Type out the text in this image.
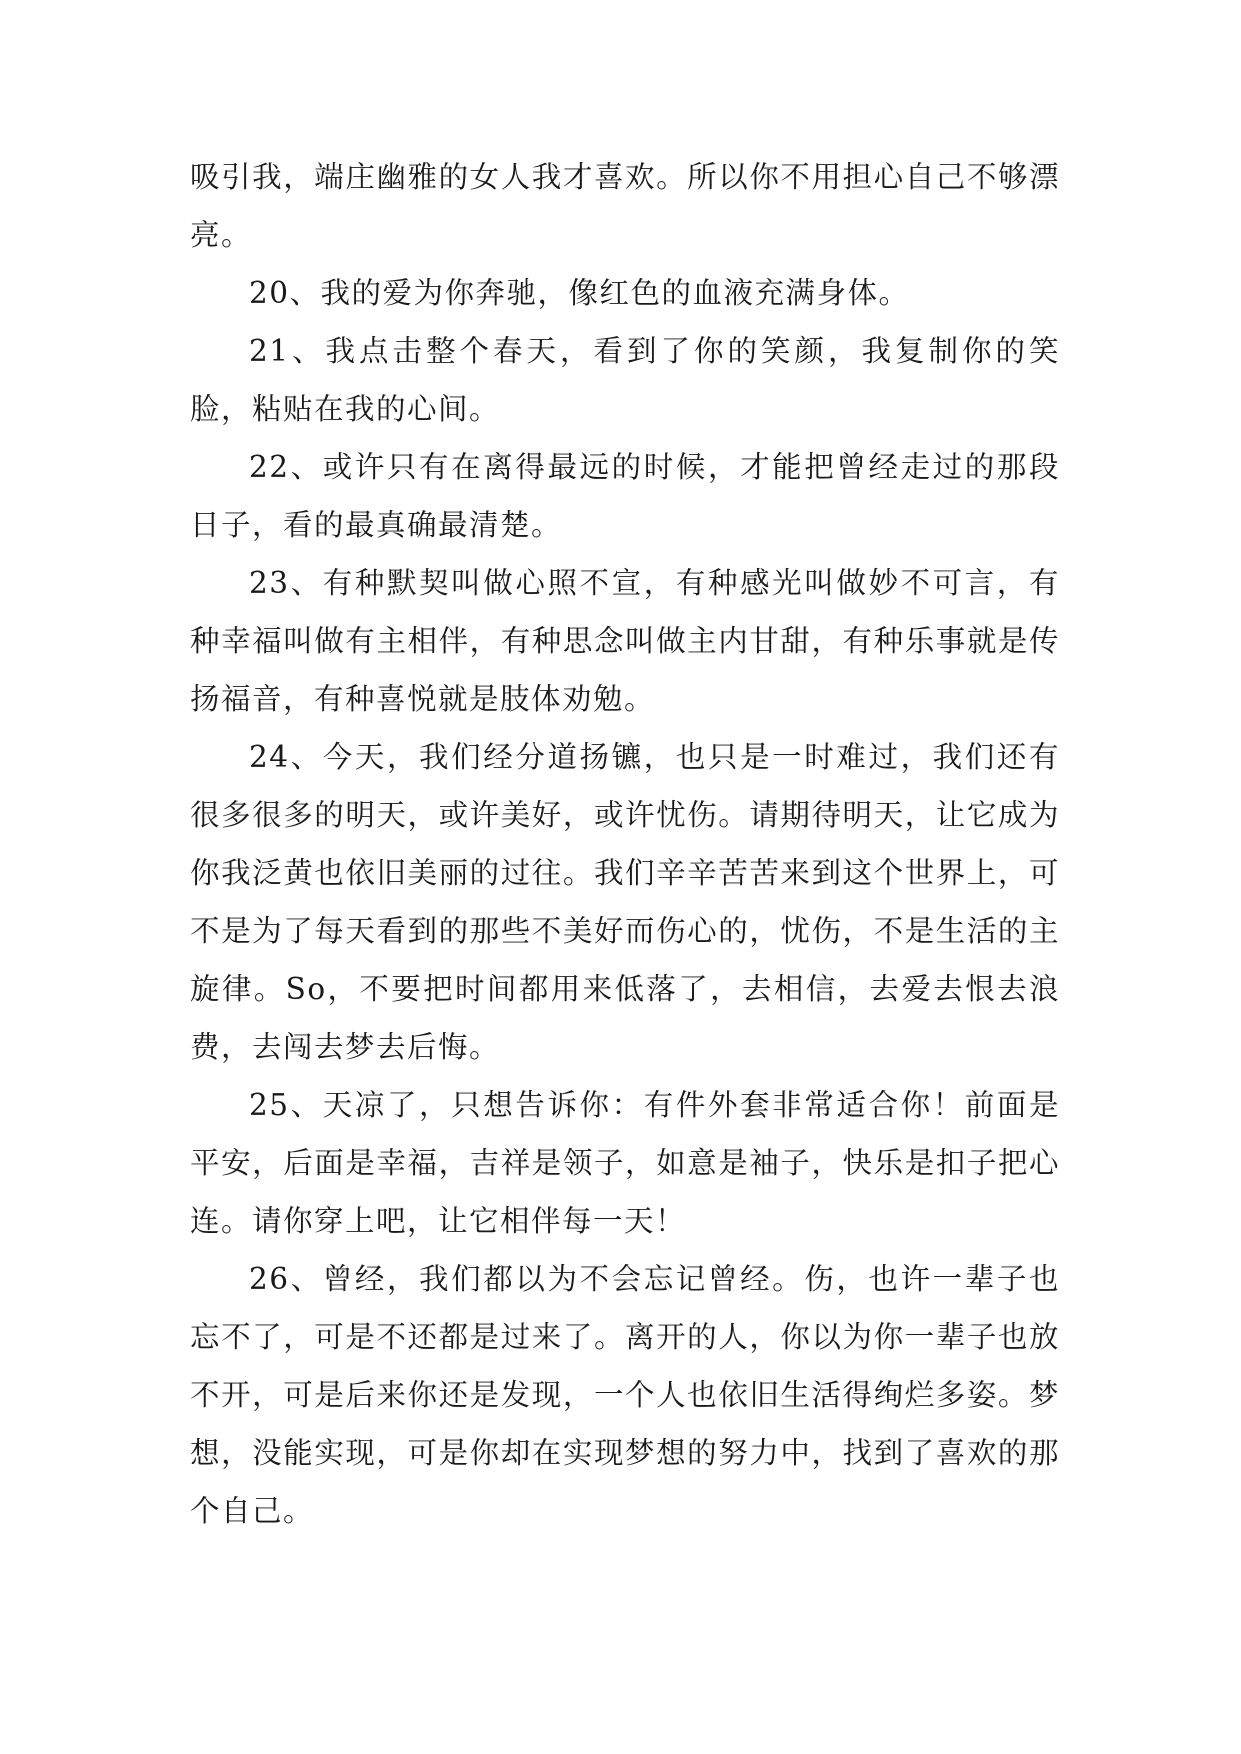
吸引我，端庄幽雅的女人我才喜欢。所以你不用担心自己不够漂亮。

20、我的爱为你奔驰，像红色的血液充满身体。

21、我点击整个春天，看到了你的笑颜，我复制你的笑脸，粘贴在我的心间。

22、或许只有在离得最远的时候，才能把曾经走过的那段日子，看的最真确最清楚。

23、有种默契叫做心照不宣，有种感光叫做妙不可言，有种幸福叫做有主相伴，有种思念叫做主内甘甜，有种乐事就是传扬福音，有种喜悦就是肢体劝勉。

24、今天，我们经分道扬镳，也只是一时难过，我们还有很多很多的明天，或许美好，或许忧伤。请期待明天，让它成为你我泛黄也依旧美丽的过往。我们辛辛苦苦来到这个世界上，可不是为了每天看到的那些不美好而伤心的，忧伤，不是生活的主旋律。So，不要把时间都用来低落了，去相信，去爱去恨去浪费，去闯去梦去后悔。

25、天凉了，只想告诉你：有件外套非常适合你！前面是平安，后面是幸福，吉祥是领子，如意是袖子，快乐是扣子把心连。请你穿上吧，让它相伴每一天！

26、曾经，我们都以为不会忘记曾经。伤，也许一辈子也忘不了，可是不还都是过来了。离开的人，你以为你一辈子也放不开，可是后来你还是发现，一个人也依旧生活得绚烂多姿。梦想，没能实现，可是你却在实现梦想的努力中，找到了喜欢的那个自己。
